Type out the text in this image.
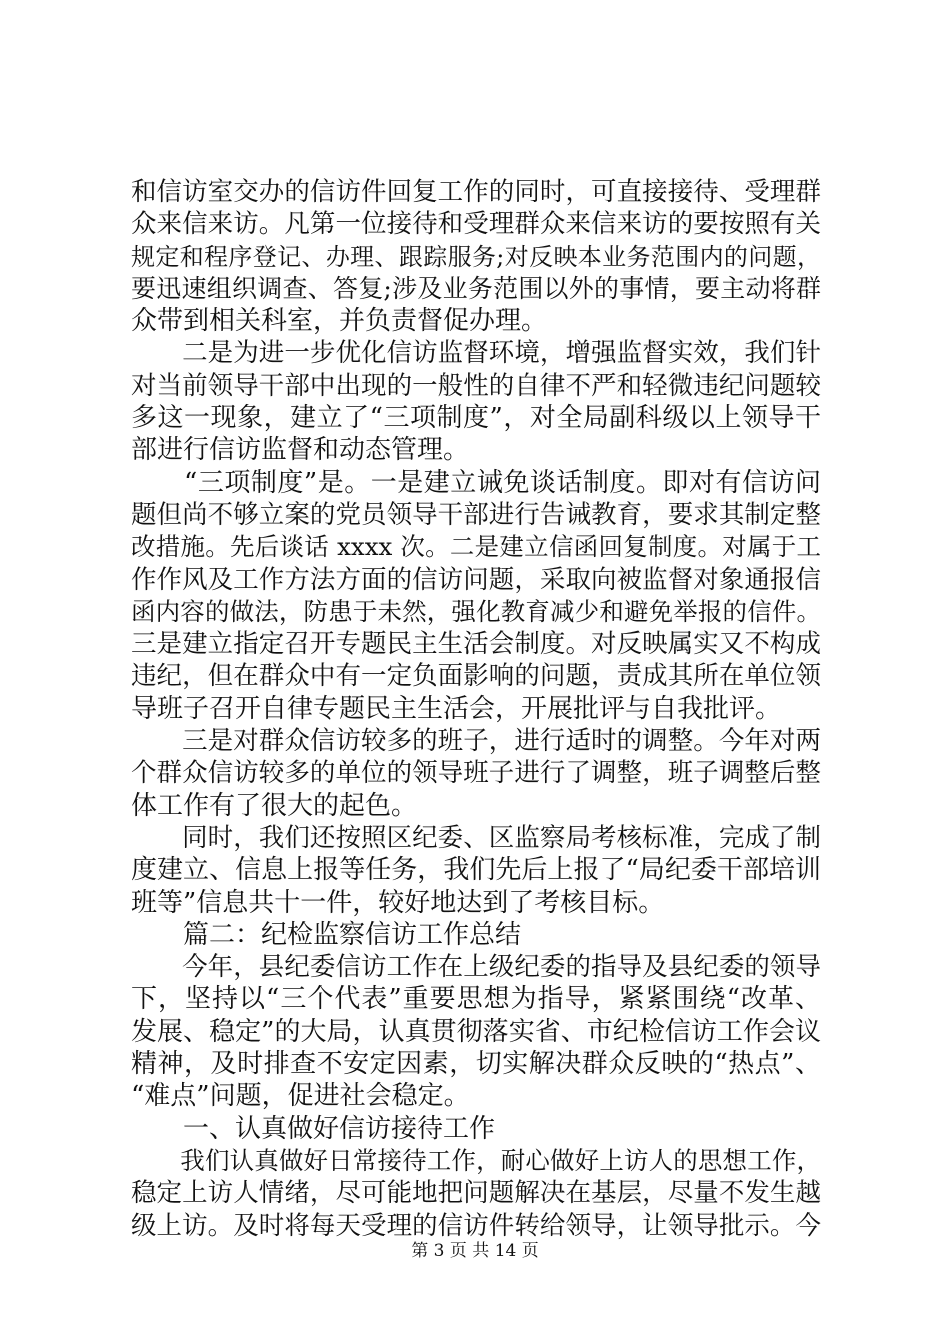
和信访室交办的信访件回复工作的同时，可直接接待、受理群
众来信来访。凡第一位接待和受理群众来信来访的要按照有关
规定和程序登记、办理、跟踪服务;对反映本业务范围内的问题，
要迅速组织调查、答复;涉及业务范围以外的事情，要主动将群
众带到相关科室，并负责督促办理。
　　二是为进一步优化信访监督环境，增强监督实效，我们针
对当前领导干部中出现的一般性的自律不严和轻微违纪问题较
多这一现象，建立了“三项制度”，对全局副科级以上领导干
部进行信访监督和动态管理。
　　“三项制度”是。一是建立诫免谈话制度。即对有信访问
题但尚不够立案的党员领导干部进行告诫教育，要求其制定整
改措施。先后谈话 xxxx 次。二是建立信函回复制度。对属于工
作作风及工作方法方面的信访问题，采取向被监督对象通报信
函内容的做法，防患于未然，强化教育减少和避免举报的信件。
三是建立指定召开专题民主生活会制度。对反映属实又不构成
违纪，但在群众中有一定负面影响的问题，责成其所在单位领
导班子召开自律专题民主生活会，开展批评与自我批评。
　　三是对群众信访较多的班子，进行适时的调整。今年对两
个群众信访较多的单位的领导班子进行了调整，班子调整后整
体工作有了很大的起色。
　　同时，我们还按照区纪委、区监察局考核标准，完成了制
度建立、信息上报等任务，我们先后上报了“局纪委干部培训
班等”信息共十一件，较好地达到了考核目标。
　　篇二：纪检监察信访工作总结
　　今年，县纪委信访工作在上级纪委的指导及县纪委的领导
下，坚持以“三个代表”重要思想为指导，紧紧围绕“改革、
发展、稳定”的大局，认真贯彻落实省、市纪检信访工作会议
精神，及时排查不安定因素，切实解决群众反映的“热点”、
“难点”问题，促进社会稳定。
　　一、认真做好信访接待工作
　　我们认真做好日常接待工作，耐心做好上访人的思想工作，
稳定上访人情绪，尽可能地把问题解决在基层，尽量不发生越
级上访。及时将每天受理的信访件转给领导，让领导批示。今
第 3 页 共 14 页
